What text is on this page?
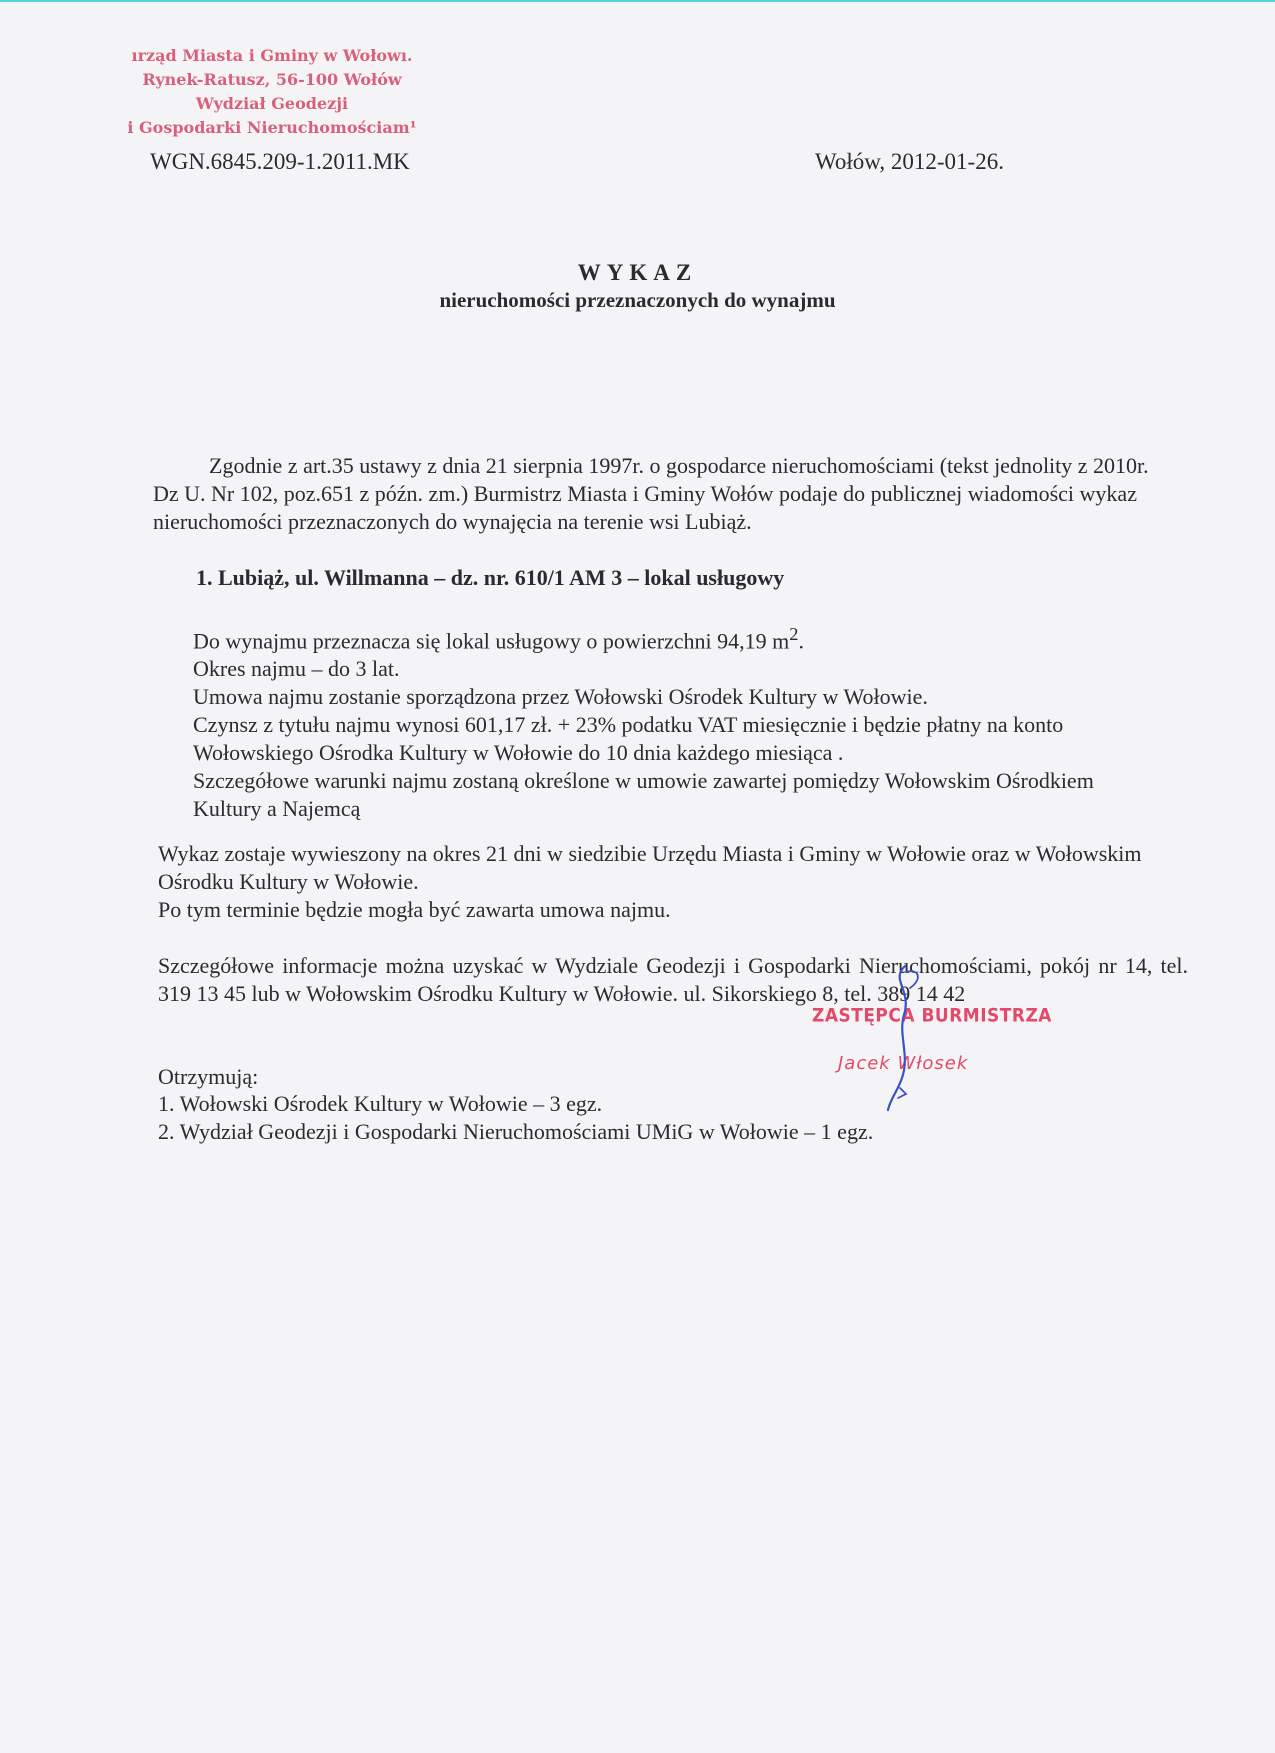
ırząd Miasta i Gminy w Wołowı.
Rynek-Ratusz, 56-100 Wołów
Wydział Geodezji
i Gospodarki Nieruchomościam¹
WGN.6845.209-1.2011.MK	Wołów, 2012-01-26.
WYKAZ
nieruchomości przeznaczonych do wynajmu
Zgodnie z art.35 ustawy z dnia 21 sierpnia 1997r. o gospodarce nieruchomościami (tekst jednolity z 2010r. Dz U. Nr 102, poz.651 z późn. zm.) Burmistrz Miasta i Gminy Wołów podaje do publicznej wiadomości wykaz nieruchomości przeznaczonych do wynajęcia na terenie wsi Lubiąż.
1. Lubiąż, ul. Willmanna – dz. nr. 610/1 AM 3 – lokal usługowy

Do wynajmu przeznacza się lokal usługowy o powierzchni 94,19 $m^2$.

Okres najmu – do 3 lat.

Umowa najmu zostanie sporządzona przez Wołowski Ośrodek Kultury w Wołowie.

Czynsz z tytułu najmu wynosi 601,17 zł. + 23% podatku VAT miesięcznie i będzie płatny na konto Wołowskiego Ośrodka Kultury w Wołowie do 10 dnia każdego miesiąca .

Szczegółowe warunki najmu zostaną określone w umowie zawartej pomiędzy Wołowskim Ośrodkiem Kultury a Najemcą

Wykaz zostaje wywieszony na okres 21 dni w siedzibie Urzędu Miasta i Gminy w Wołowie oraz w Wołowskim Ośrodku Kultury w Wołowie.

Po tym terminie będzie mogła być zawarta umowa najmu.

Szczegółowe informacje można uzyskać w Wydziale Geodezji i Gospodarki Nieruchomościami, pokój nr 14, tel. 319 13 45 lub w Wołowskim Ośrodku Kultury w Wołowie. ul. Sikorskiego 8, tel. 389 14 42

Otrzymują:
1. Wołowski Ośrodek Kultury w Wołowie – 3 egz.
2. Wydział Geodezji i Gospodarki Nieruchomościami UMiG w Wołowie – 1 egz.
ZASTĘPCA BURMISTRZA
Jacek Włosek
